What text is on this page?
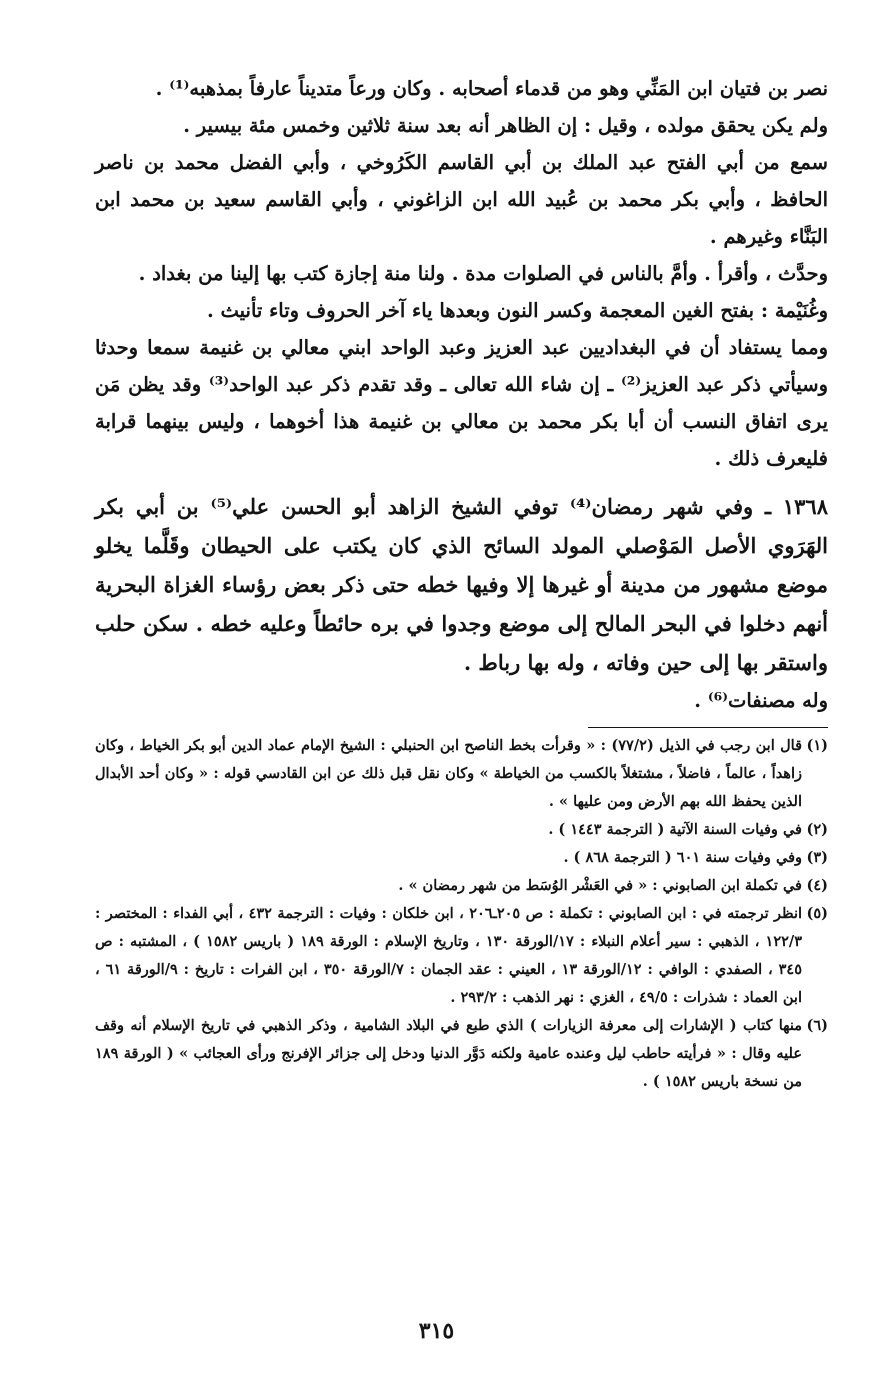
نصر بن فتيان ابن المَنِّي وهو من قدماء أصحابه . وكان ورعاً متديناً عارفاً بمذهبه⁽¹⁾ .

ولم يكن يحقق مولده ، وقيل : إن الظاهر أنه بعد سنة ثلاثين وخمس مئة بيسير .

سمع من أبي الفتح عبد الملك بن أبي القاسم الكَرُوخي ، وأبي الفضل محمد بن ناصر الحافظ ، وأبي بكر محمد بن عُبيد الله ابن الزاغوني ، وأبي القاسم سعيد بن محمد ابن البَنَّاء وغيرهم .

وحدَّث ، وأقرأ . وأمَّ بالناس في الصلوات مدة . ولنا منة إجازة كتب بها إلينا من بغداد .

وغُنَيْمة : بفتح الغين المعجمة وكسر النون وبعدها ياء آخر الحروف وتاء تأنيث .

ومما يستفاد أن في البغداديين عبد العزيز وعبد الواحد ابني معالي بن غنيمة سمعا وحدثا وسيأتي ذكر عبد العزيز⁽²⁾ ـ إن شاء الله تعالى ـ وقد تقدم ذكر عبد الواحد⁽³⁾ وقد يظن مَن يرى اتفاق النسب أن أبا بكر محمد بن معالي بن غنيمة هذا أخوهما ، وليس بينهما قرابة فليعرف ذلك .

١٣٦٨ ـ وفي شهر رمضان⁽⁴⁾ توفي الشيخ الزاهد أبو الحسن علي⁽⁵⁾ بن أبي بكر الهَرَوي الأصل المَوْصلي المولد السائح الذي كان يكتب على الحيطان وقَلَّما يخلو موضع مشهور من مدينة أو غيرها إلا وفيها خطه حتى ذكر بعض رؤساء الغزاة البحرية أنهم دخلوا في البحر المالح إلى موضع وجدوا في بره حائطاً وعليه خطه . سكن حلب واستقر بها إلى حين وفاته ، وله بها رباط .

وله مصنفات⁽⁶⁾ .

(١)
قال ابن رجب في الذيل (٧٧/٢) : « وقرأت بخط الناصح ابن الحنبلي : الشيخ الإمام عماد الدين أبو بكر الخياط ، وكان زاهداً ، عالماً ، فاضلاً ، مشتغلاً بالكسب من الخياطة » وكان نقل قبل ذلك عن ابن القادسي قوله : « وكان أحد الأبدال الذين يحفظ الله بهم الأرض ومن عليها » .
(٢)
في وفيات السنة الآتية ( الترجمة ١٤٤٣ ) .
(٣)
وفي وفيات سنة ٦٠١ ( الترجمة ٨٦٨ ) .
(٤)
في تكملة ابن الصابوني : « في العَشْر الوُسَط من شهر رمضان » .
(٥)
انظر ترجمته في : ابن الصابوني : تكملة : ص ٢٠٥ـ٢٠٦ ، ابن خلكان : وفيات : الترجمة ٤٣٢ ، أبي الفداء : المختصر : ١٢٢/٣ ، الذهبي : سير أعلام النبلاء : ١٧/الورقة ١٣٠ ، وتاريخ الإسلام : الورقة ١٨٩ ( باريس ١٥٨٢ ) ، المشتبه : ص ٣٤٥ ، الصفدي : الوافي : ١٢/الورقة ١٣ ، العيني : عقد الجمان : ٧/الورقة ٣٥٠ ، ابن الفرات : تاريخ : ٩/الورقة ٦١ ، ابن العماد : شذرات : ٤٩/٥ ، الغزي : نهر الذهب : ٢٩٣/٢ .
(٦)
منها كتاب ( الإشارات إلى معرفة الزيارات ) الذي طبع في البلاد الشامية ، وذكر الذهبي في تاريخ الإسلام أنه وقف عليه وقال : « فرأيته حاطب ليل وعنده عامية ولكنه دَوَّر الدنيا ودخل إلى جزائر الإفرنج ورأى العجائب » ( الورقة ١٨٩ من نسخة باريس ١٥٨٢ ) .
٣١٥
